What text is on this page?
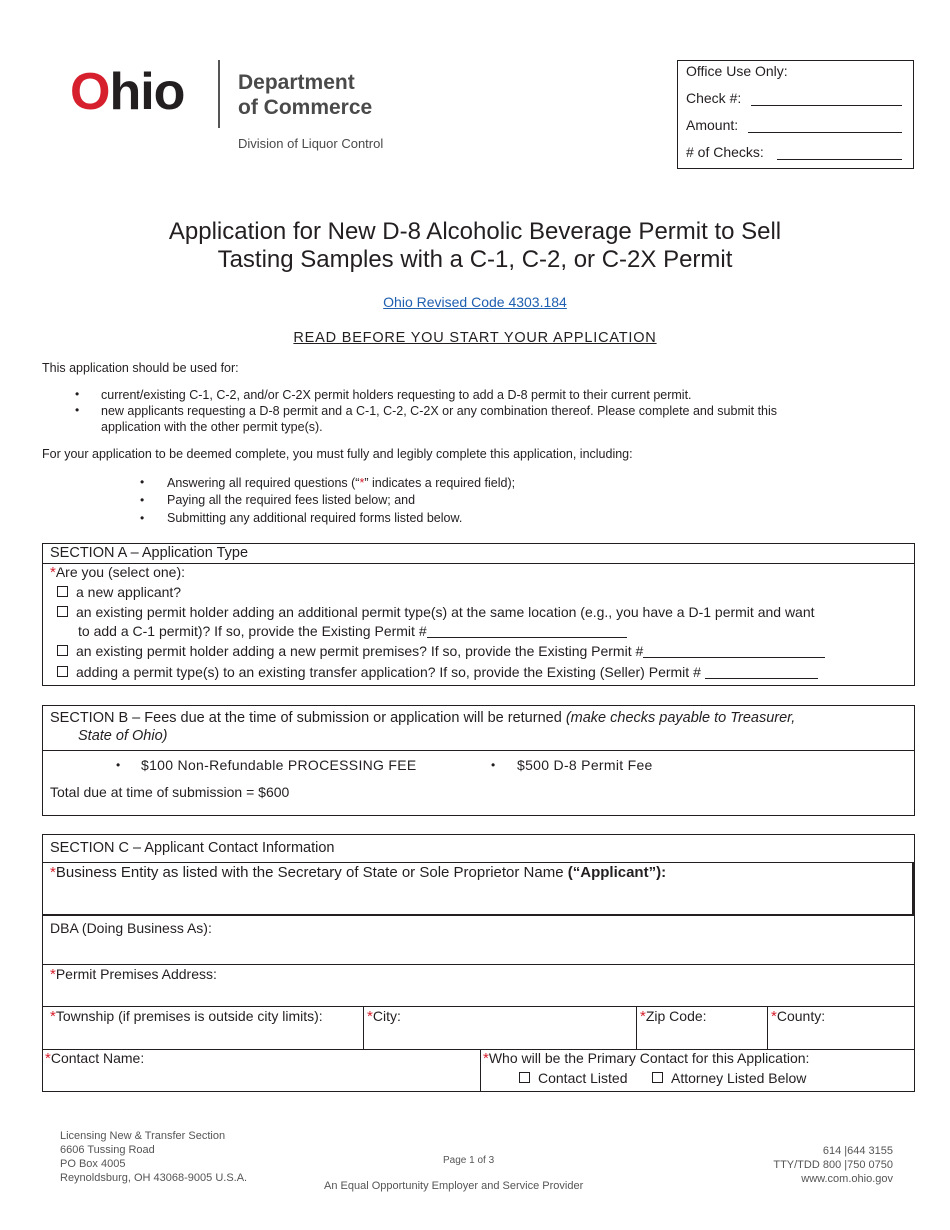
Ohio	Department
of Commerce
Division of Liquor Control
Office Use Only:
Check #:
Amount:
# of Checks:
Application for New D-8 Alcoholic Beverage Permit to Sell
Tasting Samples with a C-1, C-2, or C-2X Permit
Ohio Revised Code 4303.184
READ BEFORE YOU START YOUR APPLICATION
This application should be used for:
• current/existing C-1, C-2, and/or C-2X permit holders requesting to add a D-8 permit to their current permit.
• new applicants requesting a D-8 permit and a C-1, C-2, C-2X or any combination thereof. Please complete and submit this
application with the other permit type(s).
For your application to be deemed complete, you must fully and legibly complete this application, including:
• Answering all required questions (“*” indicates a required field);
• Paying all the required fees listed below; and
• Submitting any additional required forms listed below.
SECTION A – Application Type
*Are you (select one):
a new applicant?
an existing permit holder adding an additional permit type(s) at the same location (e.g., you have a D-1 permit and want
to add a C-1 permit)? If so, provide the Existing Permit #
an existing permit holder adding a new permit premises? If so, provide the Existing Permit #
adding a permit type(s) to an existing transfer application? If so, provide the Existing (Seller) Permit #
SECTION B – Fees due at the time of submission or application will be returned (make checks payable to Treasurer,
State of Ohio)
• $100 Non-Refundable PROCESSING FEE	• $500 D-8 Permit Fee
Total due at time of submission = $600
SECTION C – Applicant Contact Information
*Business Entity as listed with the Secretary of State or Sole Proprietor Name (“Applicant”):
DBA (Doing Business As):
*Permit Premises Address:
*Township (if premises is outside city limits):	*City:	*Zip Code:	*County:
*Contact Name:	*Who will be the Primary Contact for this Application:
Contact Listed	Attorney Listed Below
Licensing New & Transfer Section
6606 Tussing Road
PO Box 4005
Reynoldsburg, OH 43068-9005 U.S.A.
Page 1 of 3
An Equal Opportunity Employer and Service Provider
614 |644 3155
TTY/TDD 800 |750 0750
www.com.ohio.gov
